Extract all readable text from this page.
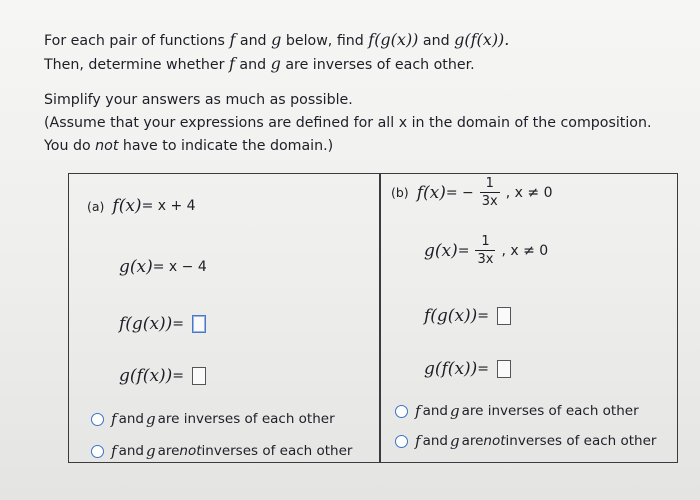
For each pair of functions f and g below, find f(g(x)) and g(f(x)).
Then, determine whether f and g are inverses of each other.
Simplify your answers as much as possible.
(Assume that your expressions are defined for all x in the domain of the composition.
You do not have to indicate the domain.)
(a) f(x) = x + 4
g(x) = x − 4
f(g(x)) =
g(f(x)) =
f and g are inverses of each other
f and g are not inverses of each other
(b) f(x) = − $\frac{1}{3x}$ , x ≠ 0
$g(x) = \frac{1}{3x}$ , x ≠ 0
f(g(x)) =
g(f(x)) =
f and g are inverses of each other
f and g are not inverses of each other
